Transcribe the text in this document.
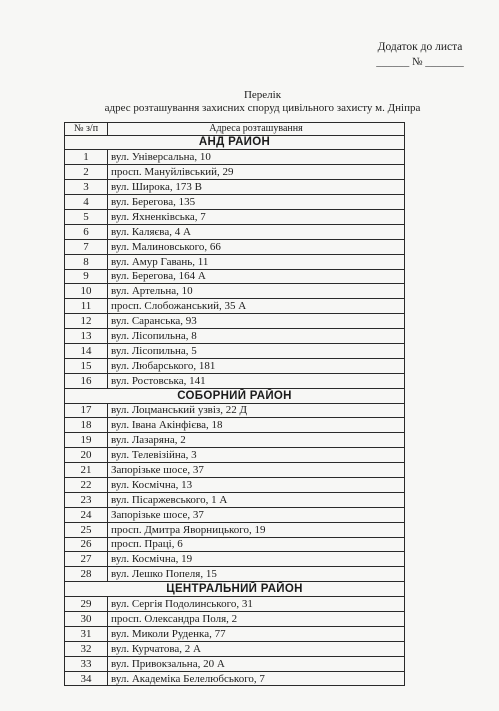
Додаток до листа
______ № _______
Перелік
адрес розташування захисних споруд цивільного захисту м. Дніпра
№ з/п	Адреса розташування
АНД РАЙОН	
1	вул. Універсальна, 10
2	просп. Мануйлівський, 29
3	вул. Широка, 173 В
4	вул. Берегова, 135
5	вул. Яхненківська, 7
6	вул. Каляєва, 4 А
7	вул. Малиновського, 66
8	вул. Амур Гавань, 11
9	вул. Берегова, 164 А
10	вул. Артельна, 10
11	просп. Слобожанський, 35 А
12	вул. Саранська, 93
13	вул. Лісопильна, 8
14	вул. Лісопильна, 5
15	вул. Любарського, 181
16	вул. Ростовська, 141
СОБОРНИЙ РАЙОН	
17	вул. Лоцманський узвіз, 22 Д
18	вул. Івана Акінфієва, 18
19	вул. Лазаряна, 2
20	вул. Телевізійна, 3
21	Запорізьке шосе, 37
22	вул. Космічна, 13
23	вул. Пісаржевського, 1 А
24	Запорізьке шосе, 37
25	просп. Дмитра Яворницького, 19
26	просп. Праці, 6
27	вул. Космічна, 19
28	вул. Лешко Попеля, 15
ЦЕНТРАЛЬНИЙ РАЙОН	
29	вул. Сергія Подолинського, 31
30	просп. Олександра Поля, 2
31	вул. Миколи Руденка, 77
32	вул. Курчатова, 2 А
33	вул. Привокзальна, 20 А
34	вул. Академіка Белелюбського, 7
